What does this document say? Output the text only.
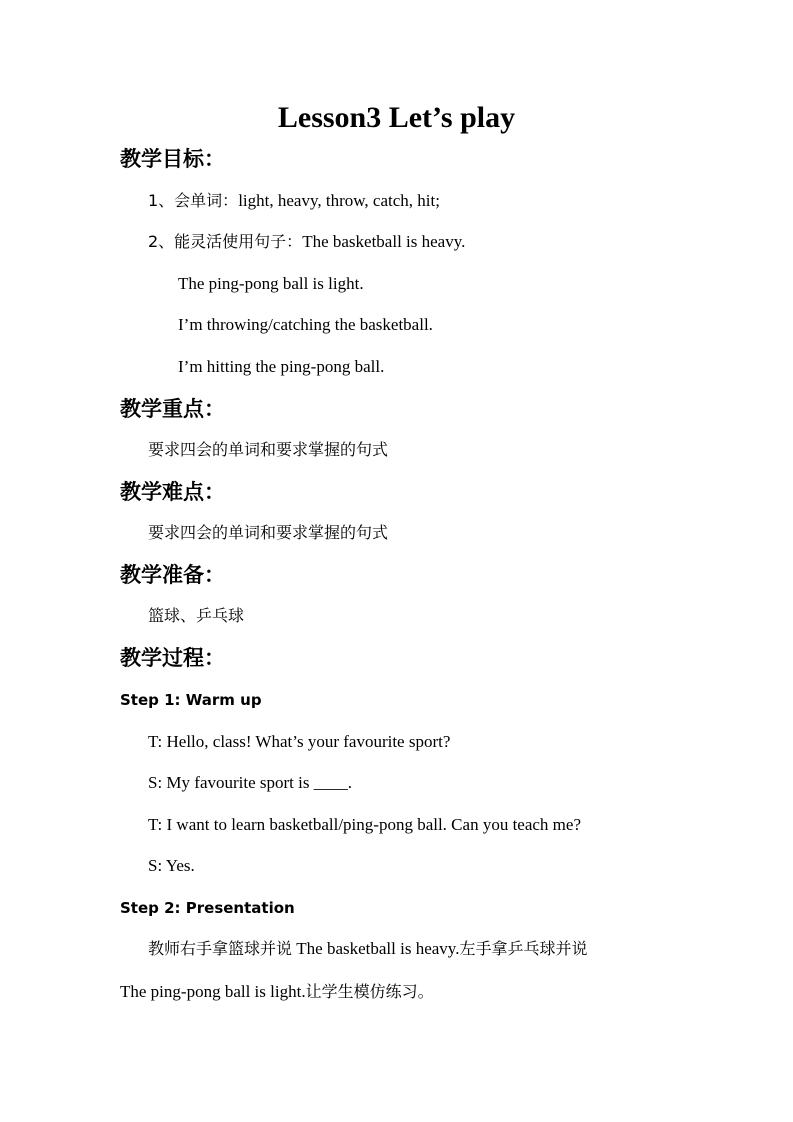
Lesson3 Let’s play
教学目标：
1、会单词：light, heavy, throw, catch, hit;
2、能灵活使用句子：The basketball is heavy.
The ping-pong ball is light.
I’m throwing/catching the basketball.
I’m hitting the ping-pong ball.
教学重点：
要求四会的单词和要求掌握的句式
教学难点：
要求四会的单词和要求掌握的句式
教学准备：
篮球、乒乓球
教学过程：
Step 1: Warm up
T: Hello, class! What’s your favourite sport?
S: My favourite sport is ____.
T: I want to learn basketball/ping-pong ball. Can you teach me?
S: Yes.
Step 2: Presentation
教师右手拿篮球并说 The basketball is heavy.左手拿乒乓球并说
The ping-pong ball is light.让学生模仿练习。
